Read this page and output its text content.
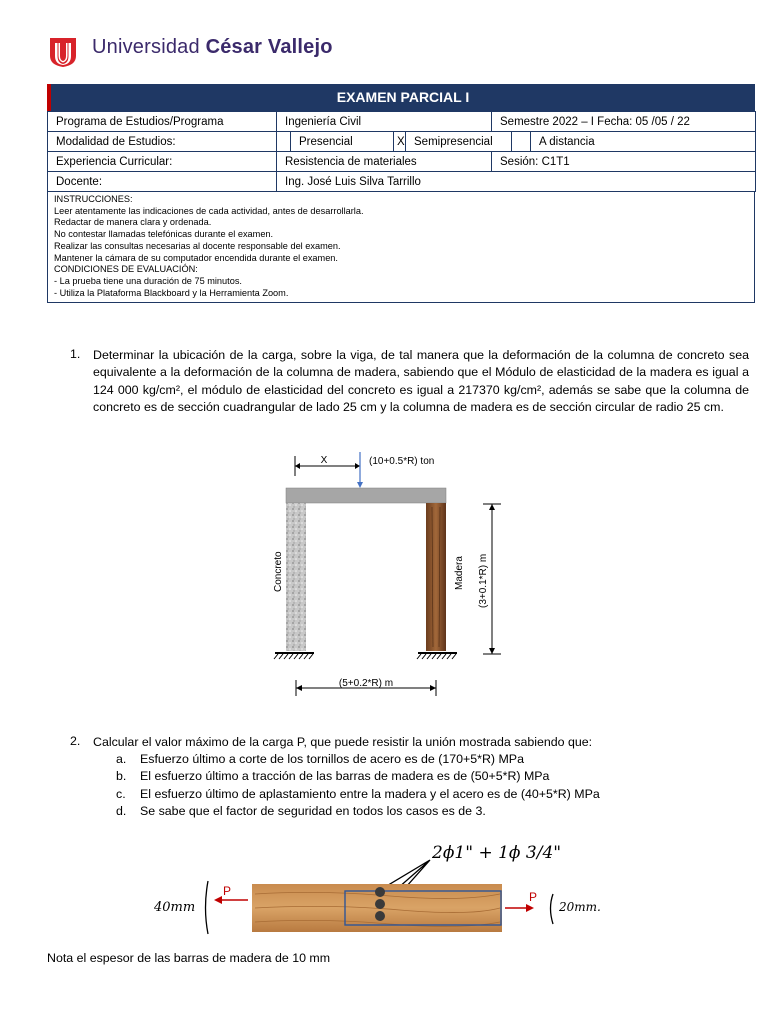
Universidad César Vallejo
EXAMEN PARCIAL I
Programa de Estudios/Programa	Ingeniería Civil				Semestre 2022 – I Fecha: 05 /05 / 22		
Modalidad de Estudios:		Presencial	X	Semipresencial			A distancia
Experiencia Curricular:	Resistencia de materiales				Sesión: C1T1		
Docente:	Ing. José Luis Silva Tarrillo						
INSTRUCCIONES:
Leer atentamente las indicaciones de cada actividad, antes de desarrollarla.
Redactar de manera clara y ordenada.
No contestar llamadas telefónicas durante el examen.
Realizar las consultas necesarias al docente responsable del examen.
Mantener la cámara de su computador encendida durante el examen.
CONDICIONES DE EVALUACIÓN:
- La prueba tiene una duración de 75 minutos.
- Utiliza la Plataforma Blackboard y la Herramienta Zoom.
1. Determinar la ubicación de la carga, sobre la viga, de tal manera que la deformación de la columna de concreto sea equivalente a la deformación de la columna de madera, sabiendo que el Módulo de elasticidad de la madera es igual a 124 000 kg/cm², el módulo de elasticidad del concreto es igual a 217370 kg/cm², además se sabe que la columna de concreto es de sección cuadrangular de lado 25 cm y la columna de madera es de sección circular de radio 25 cm.
X	(10+0.5*R) ton
Concreto	Madera (3+0.1*R) m
(5+0.2*R) m
2. Calcular el valor máximo de la carga P, que puede resistir la unión mostrada sabiendo que:
a. Esfuerzo último a corte de los tornillos de acero es de (170+5*R) MPa
b. El esfuerzo último a tracción de las barras de madera es de (50+5*R) MPa
c. El esfuerzo último de aplastamiento entre la madera y el acero es de (40+5*R) MPa
d. Se sabe que el factor de seguridad en todos los casos es de 3.
2ϕ1" + 1ϕ 3/4"
P	P
40mm	20mm.
Nota el espesor de las barras de madera de 10 mm
